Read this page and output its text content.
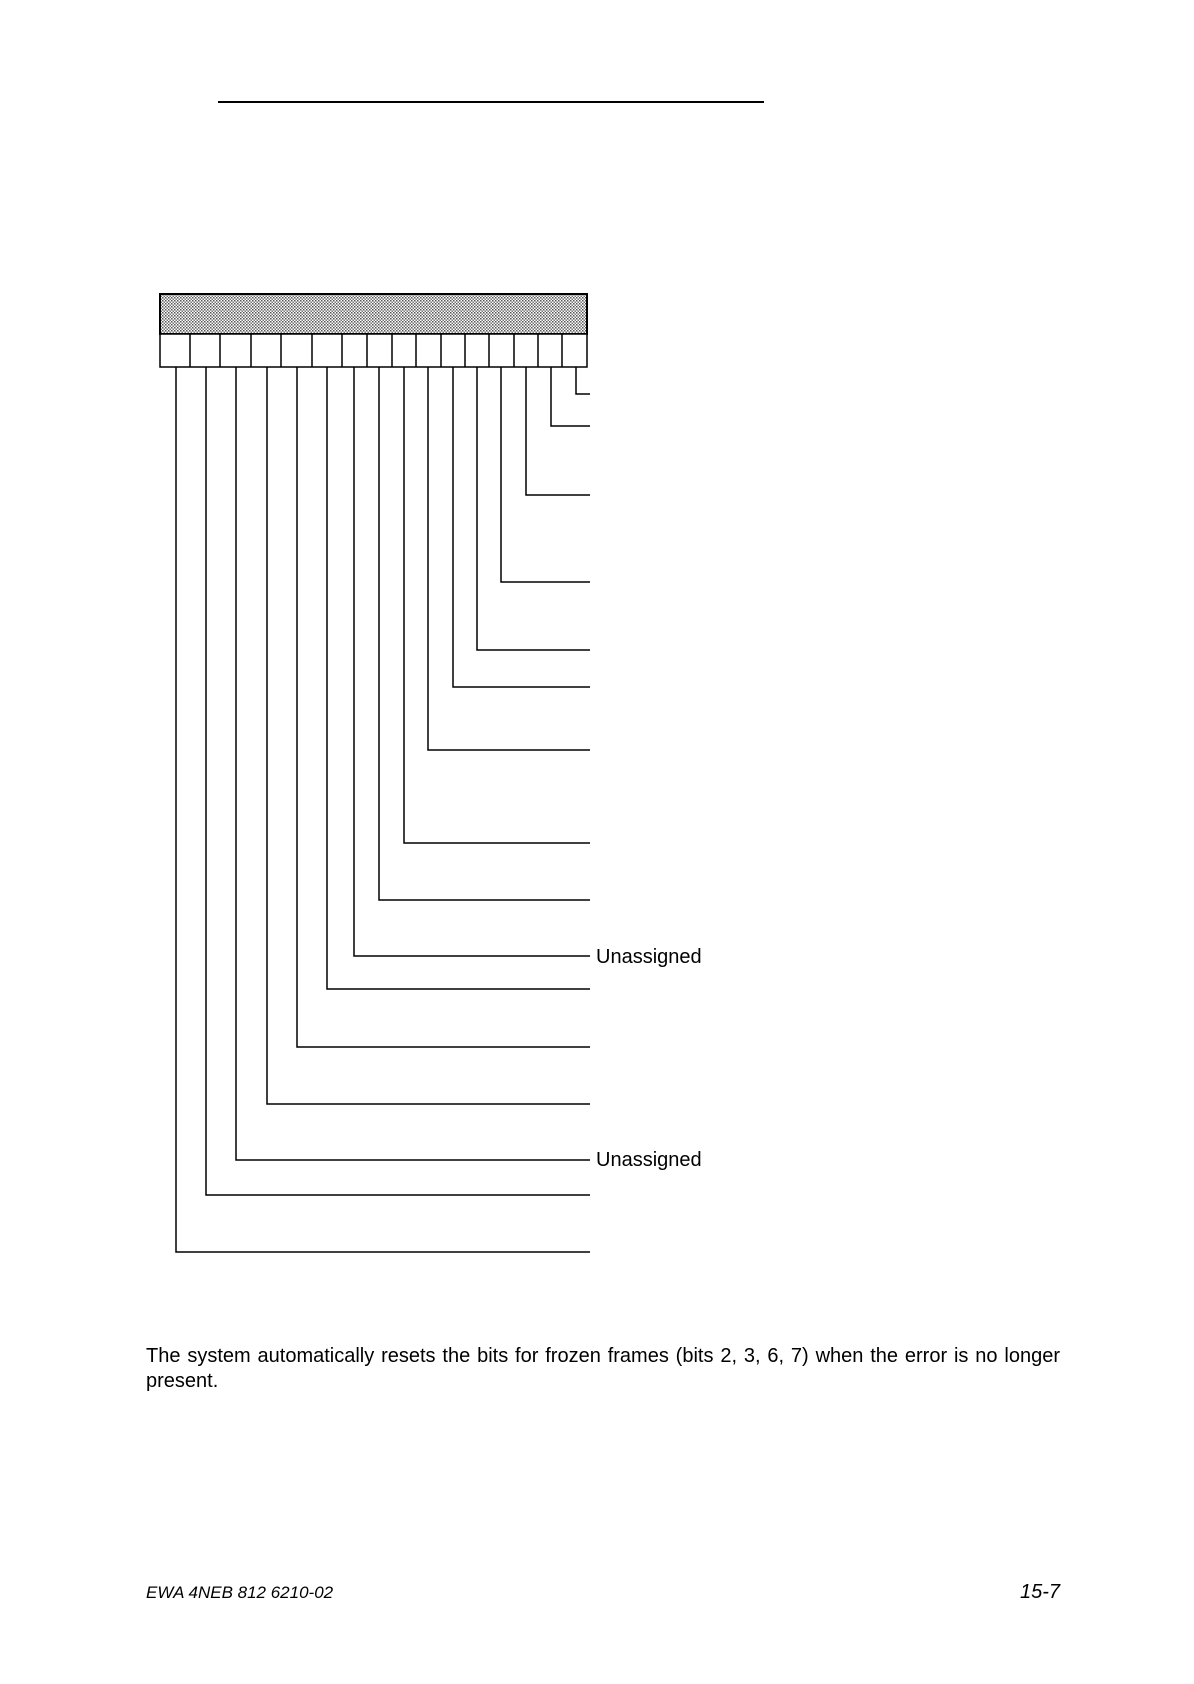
Unassigned
Unassigned

The system automatically resets the bits for frozen frames (bits 2, 3, 6, 7) when the error is no longer present.

EWA 4NEB 812 6210-02	15-7
